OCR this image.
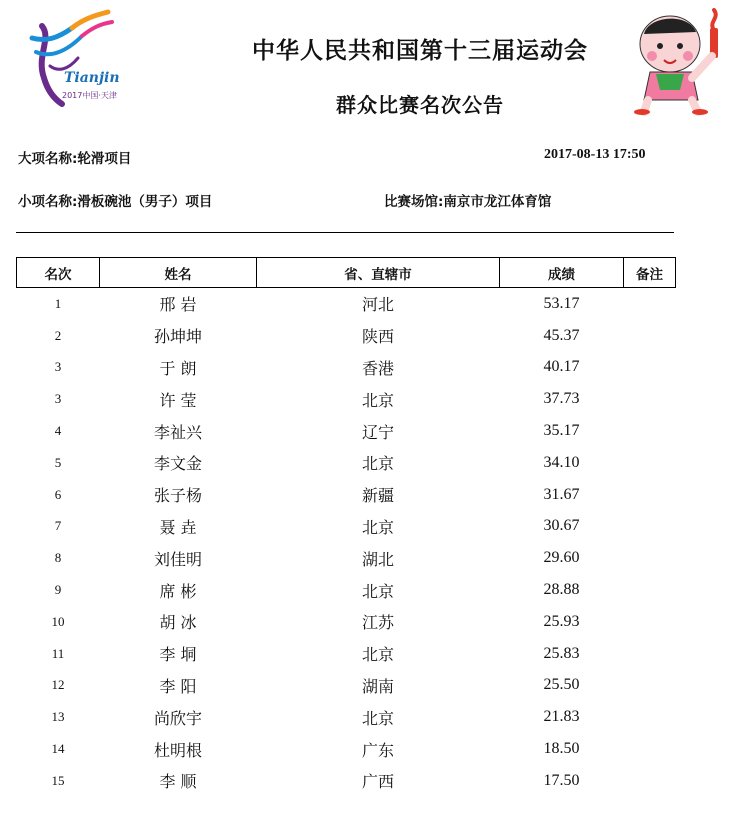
Tianjin
2017中国·天津
中华人民共和国第十三届运动会
群众比赛名次公告
大项名称:轮滑项目	2017-08-13 17:50
小项名称:滑板碗池（男子）项目	比赛场馆:南京市龙江体育馆
名次	姓名	省、直辖市	成绩	备注
1	邢 岩	河北	53.17	
2	孙坤坤	陕西	45.37	
3	于 朗	香港	40.17	
3	许 莹	北京	37.73	
4	李祉兴	辽宁	35.17	
5	李文金	北京	34.10	
6	张子杨	新疆	31.67	
7	聂 垚	北京	30.67	
8	刘佳明	湖北	29.60	
9	席 彬	北京	28.88	
10	胡 冰	江苏	25.93	
11	李 垌	北京	25.83	
12	李 阳	湖南	25.50	
13	尚欣宇	北京	21.83	
14	杜明根	广东	18.50	
15	李 顺	广西	17.50	
